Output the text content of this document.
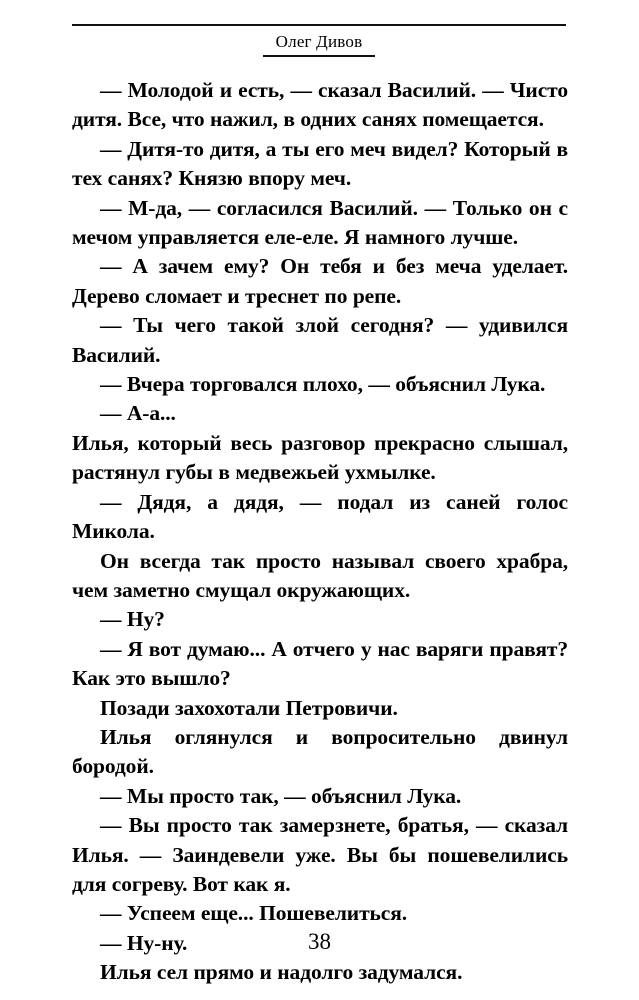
Олег Дивов

— Молодой и есть, — сказал Василий. — Чисто дитя. Все, что нажил, в одних санях помещается.

— Дитя-то дитя, а ты его меч видел? Который в тех санях? Князю впору меч.

— М-да, — согласился Василий. — Только он с мечом управляется еле-еле. Я намного лучше.

— А зачем ему? Он тебя и без меча уделает. Дерево сломает и треснет по репе.

— Ты чего такой злой сегодня? — удивился Василий.

— Вчера торговался плохо, — объяснил Лука.

— А-а...

Илья, который весь разговор прекрасно слышал, растянул губы в медвежьей ухмылке.

— Дядя, а дядя, — подал из саней голос Микола.

Он всегда так просто называл своего храбра, чем заметно смущал окружающих.

— Ну?

— Я вот думаю... А отчего у нас варяги правят? Как это вышло?

Позади захохотали Петровичи.

Илья оглянулся и вопросительно двинул бородой.

— Мы просто так, — объяснил Лука.

— Вы просто так замерзнете, братья, — сказал Илья. — Заиндевели уже. Вы бы пошевелились для согреву. Вот как я.

— Успеем еще... Пошевелиться.

— Ну-ну.

Илья сел прямо и надолго задумался.

38
